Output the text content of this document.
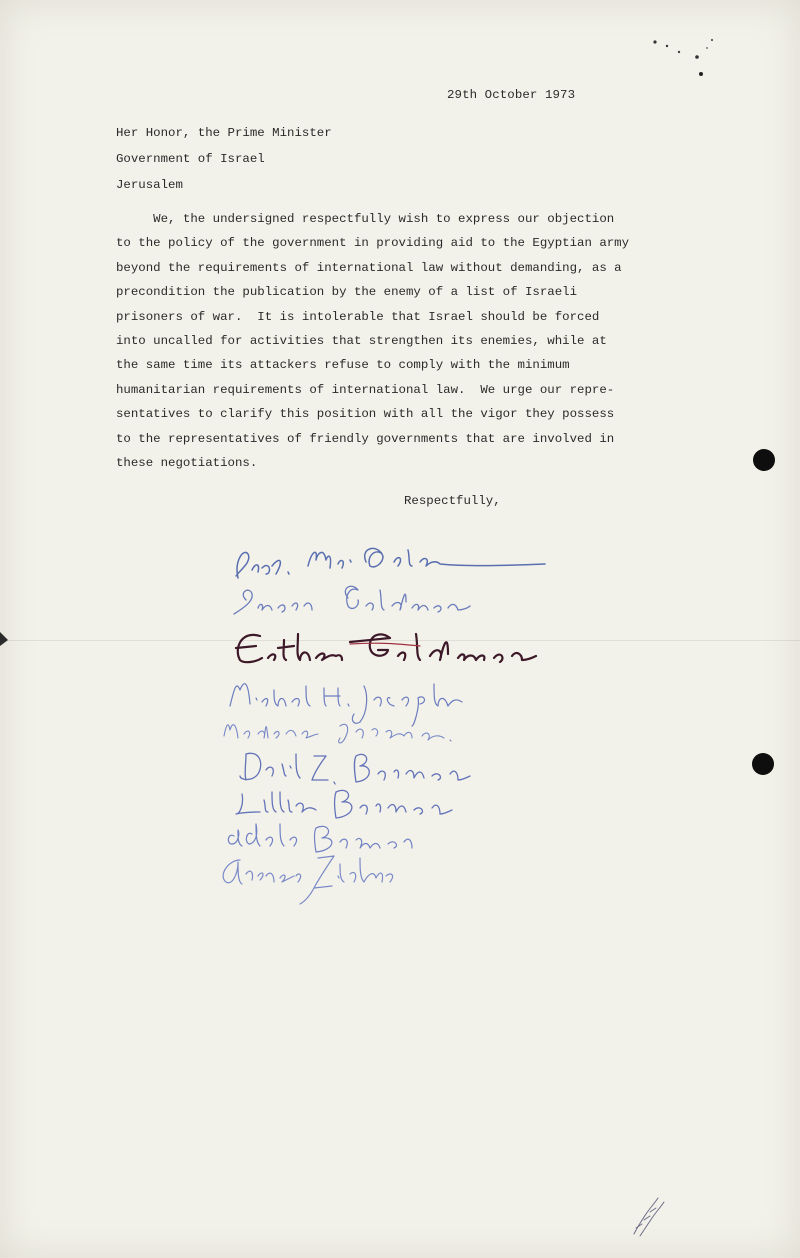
29th October 1973
Her Honor, the Prime Minister
Government of Israel
Jerusalem
We, the undersigned respectfully wish to express our objection
to the policy of the government in providing aid to the Egyptian army
beyond the requirements of international law without demanding, as a
precondition the publication by the enemy of a list of Israeli
prisoners of war.  It is intolerable that Israel should be forced
into uncalled for activities that strengthen its enemies, while at
the same time its attackers refuse to comply with the minimum
humanitarian requirements of international law.  We urge our repre-
sentatives to clarify this position with all the vigor they possess
to the representatives of friendly governments that are involved in
these negotiations.
Respectfully,
